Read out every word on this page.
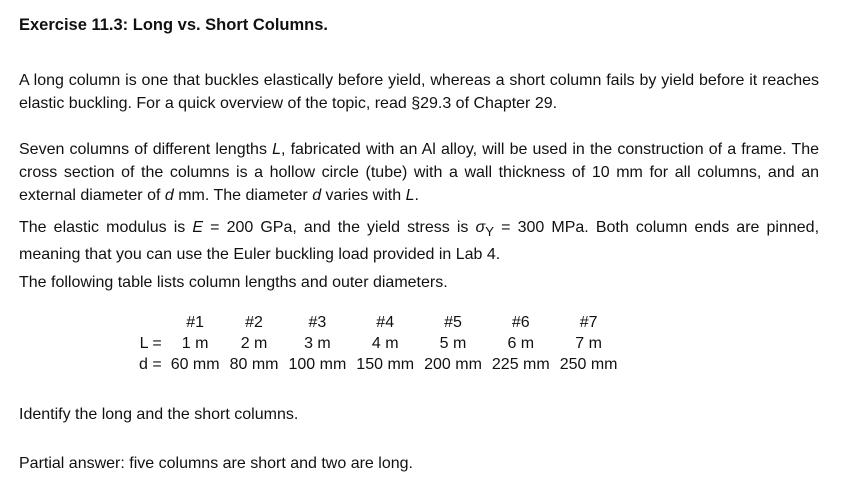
Exercise 11.3: Long vs. Short Columns.
A long column is one that buckles elastically before yield, whereas a short column fails by yield before it reaches elastic buckling. For a quick overview of the topic, read §29.3 of Chapter 29.
Seven columns of different lengths L, fabricated with an Al alloy, will be used in the construction of a frame. The cross section of the columns is a hollow circle (tube) with a wall thickness of 10 mm for all columns, and an external diameter of d mm. The diameter d varies with L.
The elastic modulus is E = 200 GPa, and the yield stress is $\sigma_Y = 300$ MPa. Both column ends are pinned, meaning that you can use the Euler buckling load provided in Lab 4.
The following table lists column lengths and outer diameters.
	#1	#2	#3	#4	#5	#6	#7
L =	1 m	2 m	3 m	4 m	5 m	6 m	7 m
d =	60 mm	80 mm	100 mm	150 mm	200 mm	225 mm	250 mm
Identify the long and the short columns.
Partial answer: five columns are short and two are long.
